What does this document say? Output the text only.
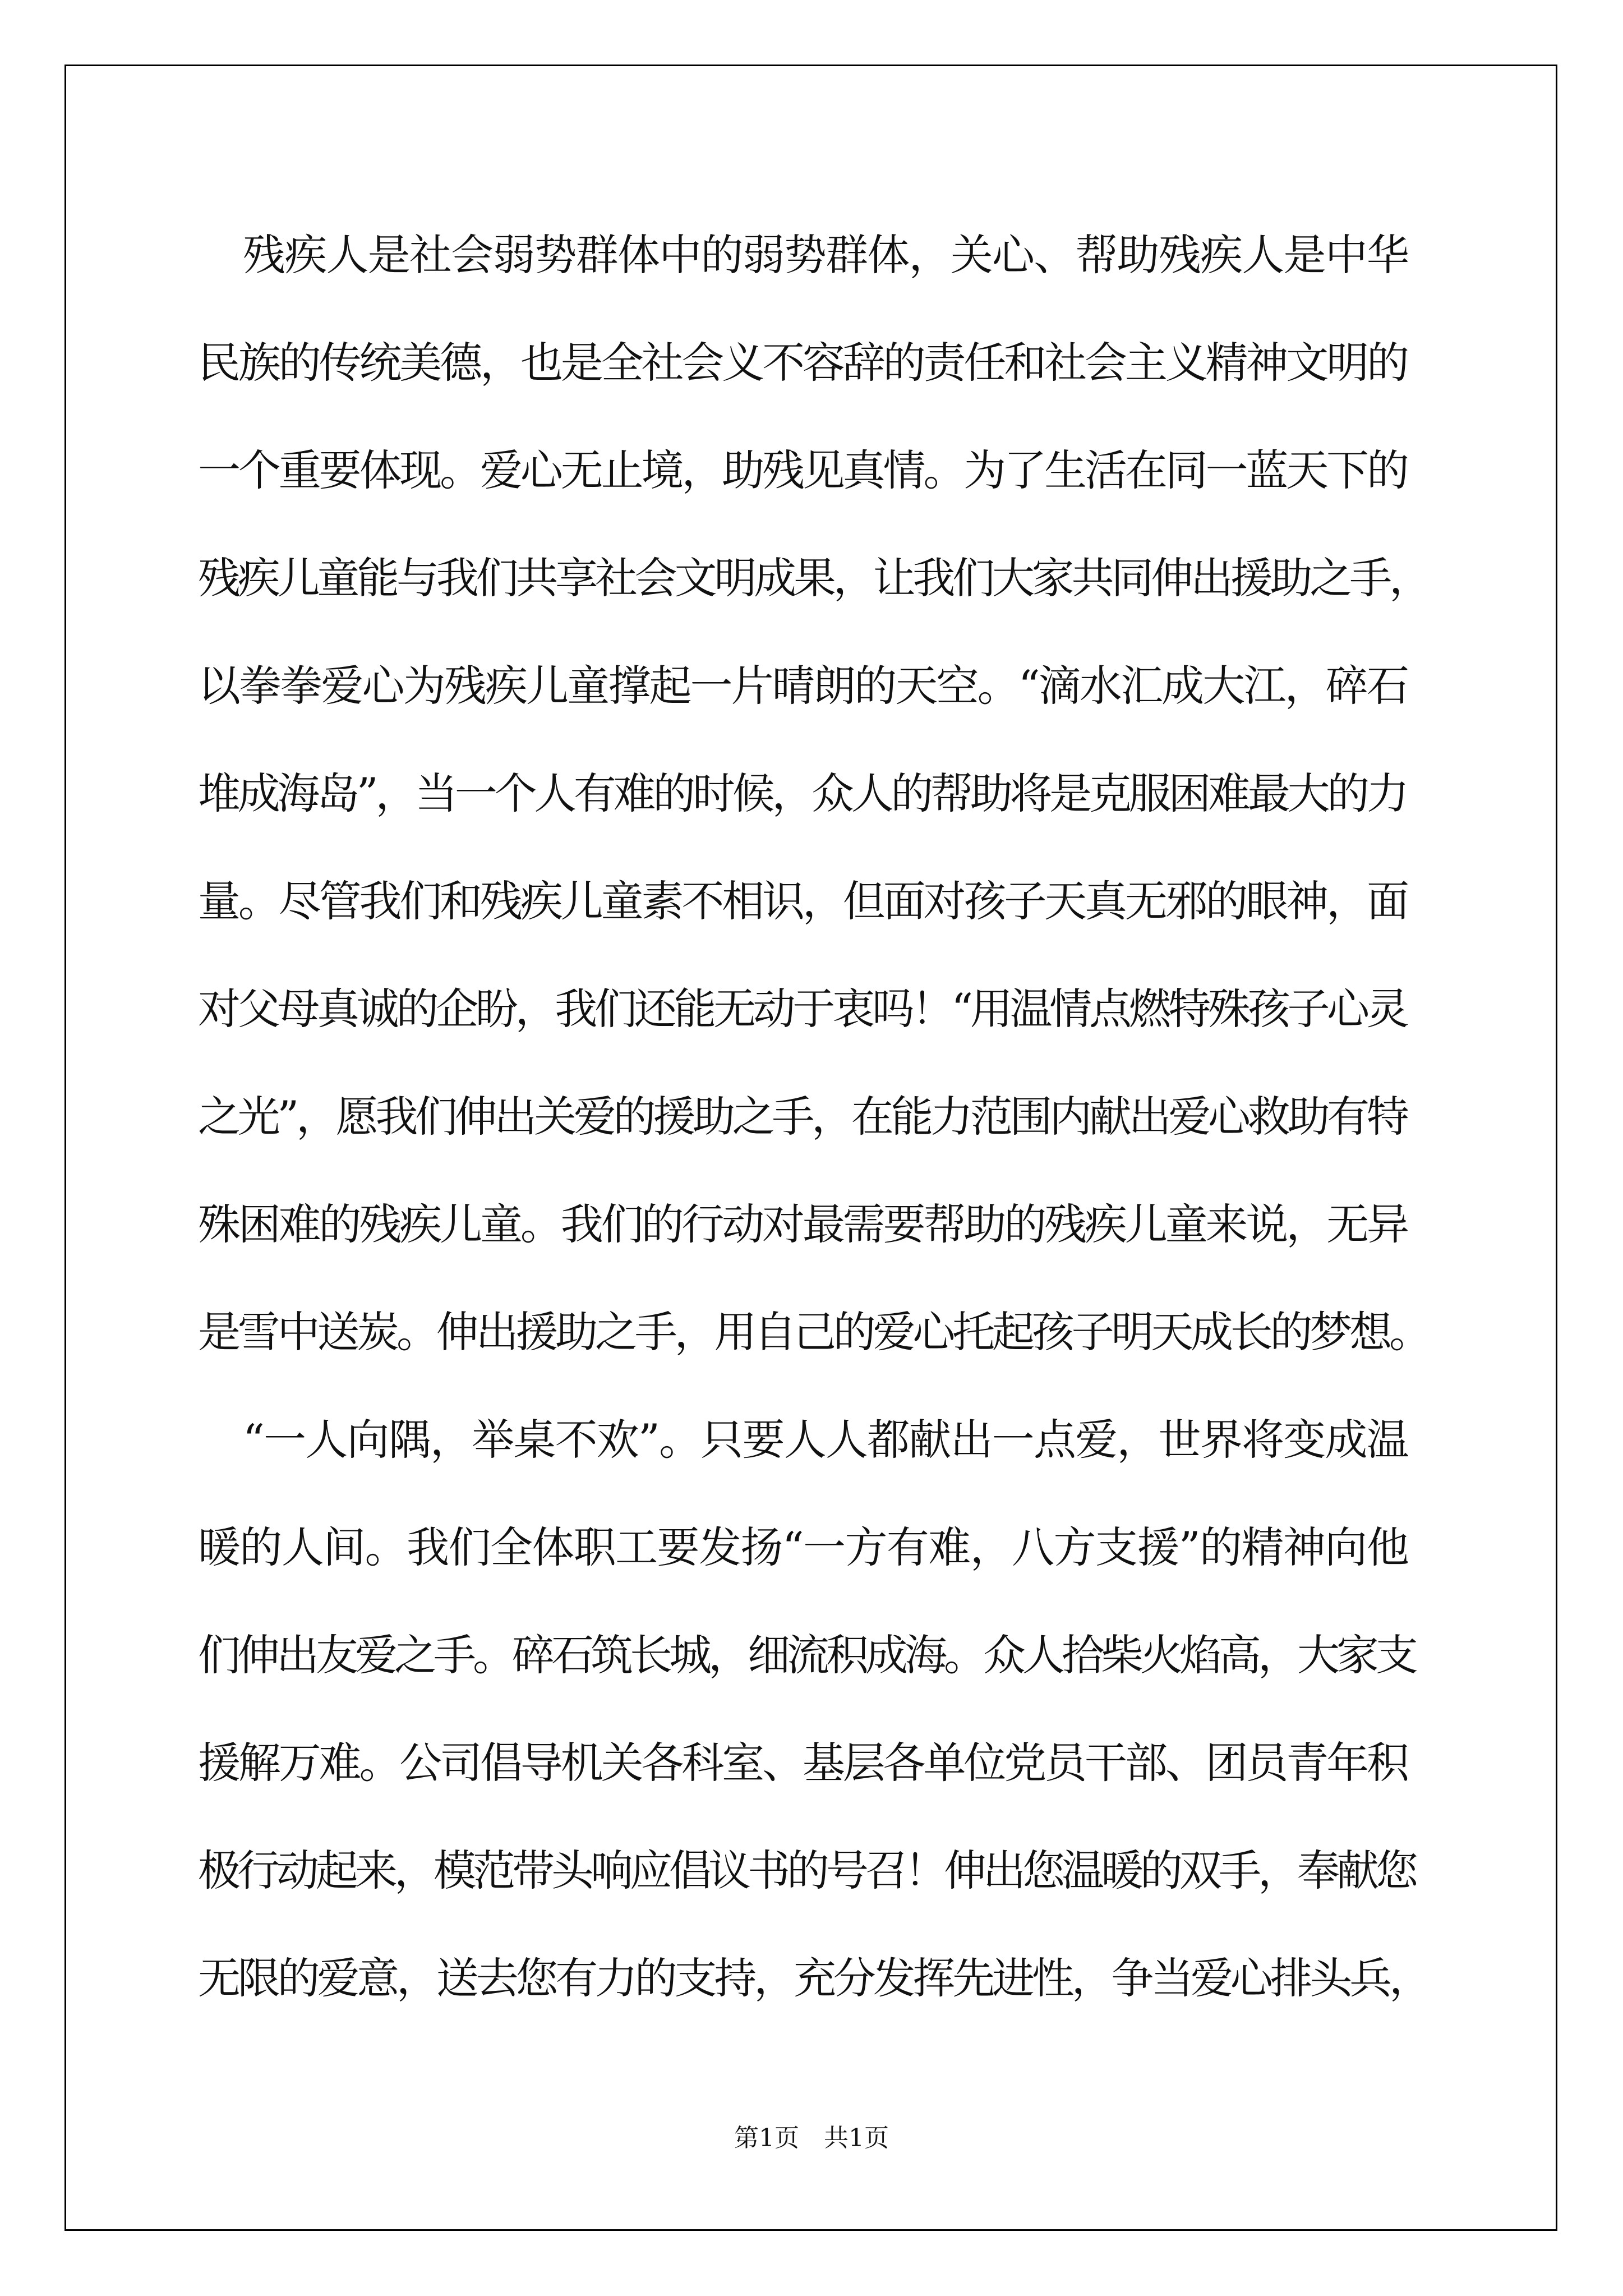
残疾人是社会弱势群体中的弱势群体，关心、帮助残疾人是中华
民族的传统美德，也是全社会义不容辞的责任和社会主义精神文明的
一个重要体现。爱心无止境，助残见真情。为了生活在同一蓝天下的
残疾儿童能与我们共享社会文明成果，让我们大家共同伸出援助之手，
以拳拳爱心为残疾儿童撑起一片晴朗的天空。“滴水汇成大江，碎石
堆成海岛”，当一个人有难的时候，众人的帮助将是克服困难最大的力
量。尽管我们和残疾儿童素不相识，但面对孩子天真无邪的眼神，面
对父母真诚的企盼，我们还能无动于衷吗！“用温情点燃特殊孩子心灵
之光”，愿我们伸出关爱的援助之手，在能力范围内献出爱心救助有特
殊困难的残疾儿童。我们的行动对最需要帮助的残疾儿童来说，无异
是雪中送炭。伸出援助之手，用自己的爱心托起孩子明天成长的梦想。
“一人向隅，举桌不欢”。只要人人都献出一点爱，世界将变成温
暖的人间。我们全体职工要发扬“一方有难，八方支援”的精神向他
们伸出友爱之手。碎石筑长城，细流积成海。众人拾柴火焰高，大家支
援解万难。公司倡导机关各科室、基层各单位党员干部、团员青年积
极行动起来，模范带头响应倡议书的号召！伸出您温暖的双手，奉献您
无限的爱意，送去您有力的支持，充分发挥先进性，争当爱心排头兵，
第1页　共1页
